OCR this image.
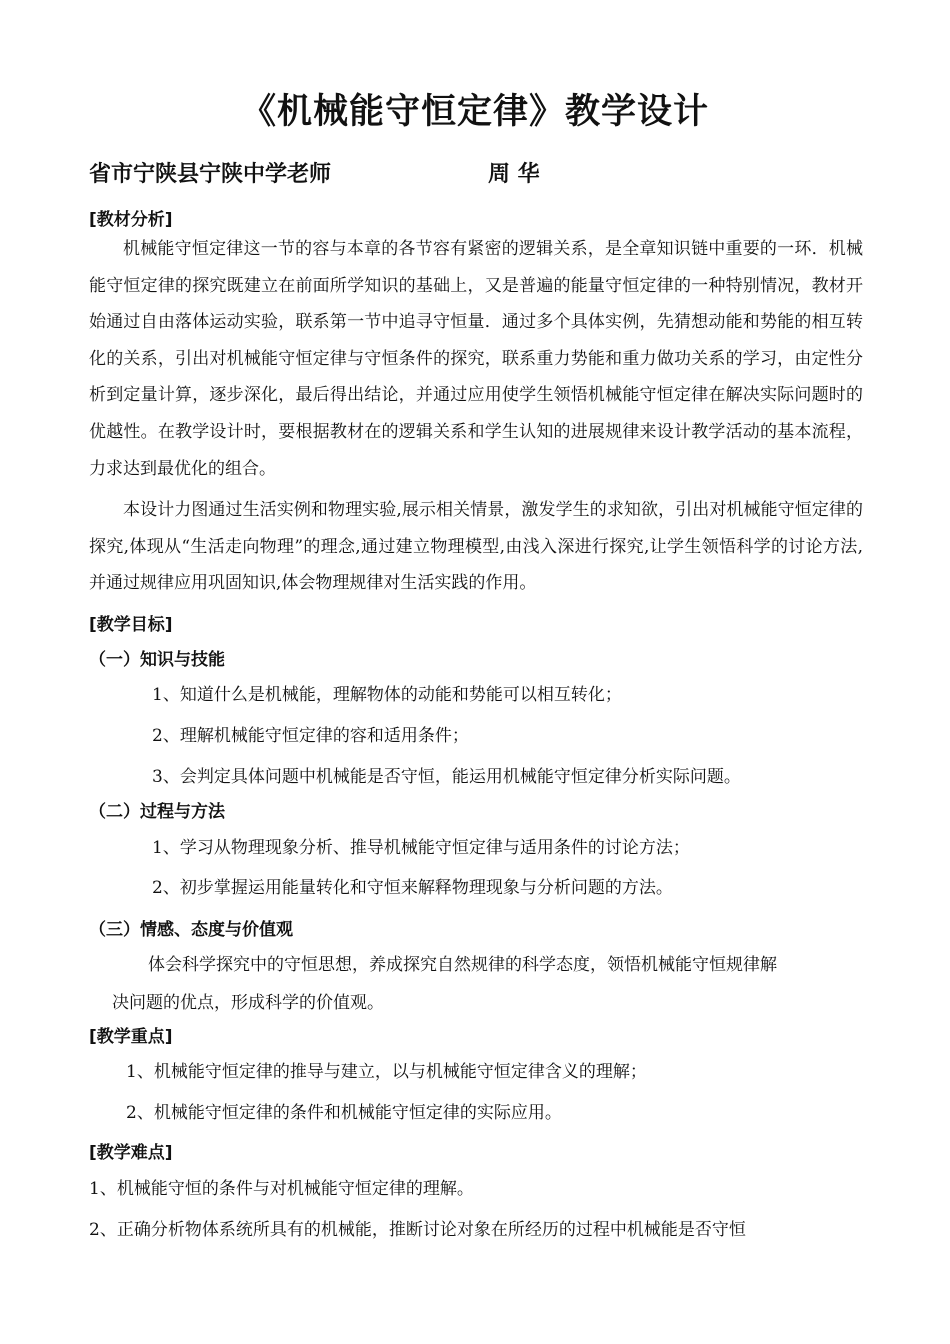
《机械能守恒定律》教学设计
省市宁陕县宁陕中学老师	周 华
[教材分析]

机械能守恒定律这一节的容与本章的各节容有紧密的逻辑关系，是全章知识链中重要的一环．机械能守恒定律的探究既建立在前面所学知识的基础上，又是普遍的能量守恒定律的一种特别情况，教材开始通过自由落体运动实验，联系第一节中追寻守恒量．通过多个具体实例，先猜想动能和势能的相互转化的关系，引出对机械能守恒定律与守恒条件的探究，联系重力势能和重力做功关系的学习，由定性分析到定量计算，逐步深化，最后得出结论，并通过应用使学生领悟机械能守恒定律在解决实际问题时的优越性。在教学设计时，要根据教材在的逻辑关系和学生认知的进展规律来设计教学活动的基本流程，力求达到最优化的组合。

本设计力图通过生活实例和物理实验,展示相关情景，激发学生的求知欲，引出对机械能守恒定律的探究,体现从“生活走向物理”的理念,通过建立物理模型,由浅入深进行探究,让学生领悟科学的讨论方法,并通过规律应用巩固知识,体会物理规律对生活实践的作用。

[教学目标]
（一）知识与技能
1、知道什么是机械能，理解物体的动能和势能可以相互转化；
2、理解机械能守恒定律的容和适用条件；
3、会判定具体问题中机械能是否守恒，能运用机械能守恒定律分析实际问题。
（二）过程与方法
1、学习从物理现象分析、推导机械能守恒定律与适用条件的讨论方法；
2、初步掌握运用能量转化和守恒来解释物理现象与分析问题的方法。
（三）情感、态度与价值观
体会科学探究中的守恒思想，养成探究自然规律的科学态度，领悟机械能守恒规律解
决问题的优点，形成科学的价值观。
[教学重点]
1、机械能守恒定律的推导与建立，以与机械能守恒定律含义的理解；
2、机械能守恒定律的条件和机械能守恒定律的实际应用。
[教学难点]
1、机械能守恒的条件与对机械能守恒定律的理解。
2、正确分析物体系统所具有的机械能，推断讨论对象在所经历的过程中机械能是否守恒
